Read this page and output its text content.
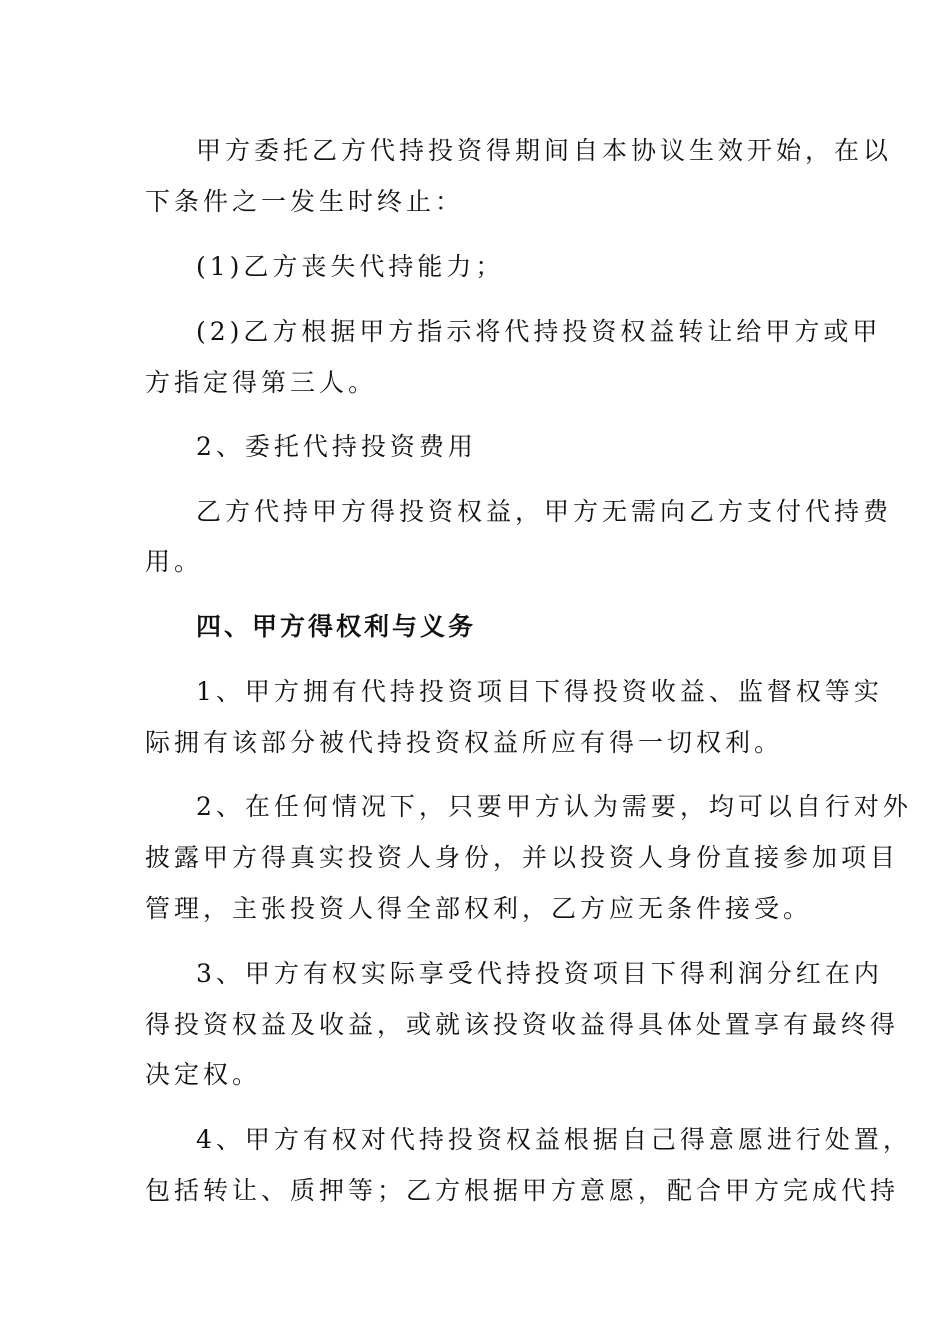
甲方委托乙方代持投资得期间自本协议生效开始，在以
下条件之一发生时终止：
(1)乙方丧失代持能力；
(2)乙方根据甲方指示将代持投资权益转让给甲方或甲
方指定得第三人。
2、委托代持投资费用
乙方代持甲方得投资权益，甲方无需向乙方支付代持费
用。
四、甲方得权利与义务
1、甲方拥有代持投资项目下得投资收益、监督权等实
际拥有该部分被代持投资权益所应有得一切权利。
2、在任何情况下，只要甲方认为需要，均可以自行对外
披露甲方得真实投资人身份，并以投资人身份直接参加项目
管理，主张投资人得全部权利，乙方应无条件接受。
3、甲方有权实际享受代持投资项目下得利润分红在内
得投资权益及收益，或就该投资收益得具体处置享有最终得
决定权。
4、甲方有权对代持投资权益根据自己得意愿进行处置，
包括转让、质押等；乙方根据甲方意愿，配合甲方完成代持
